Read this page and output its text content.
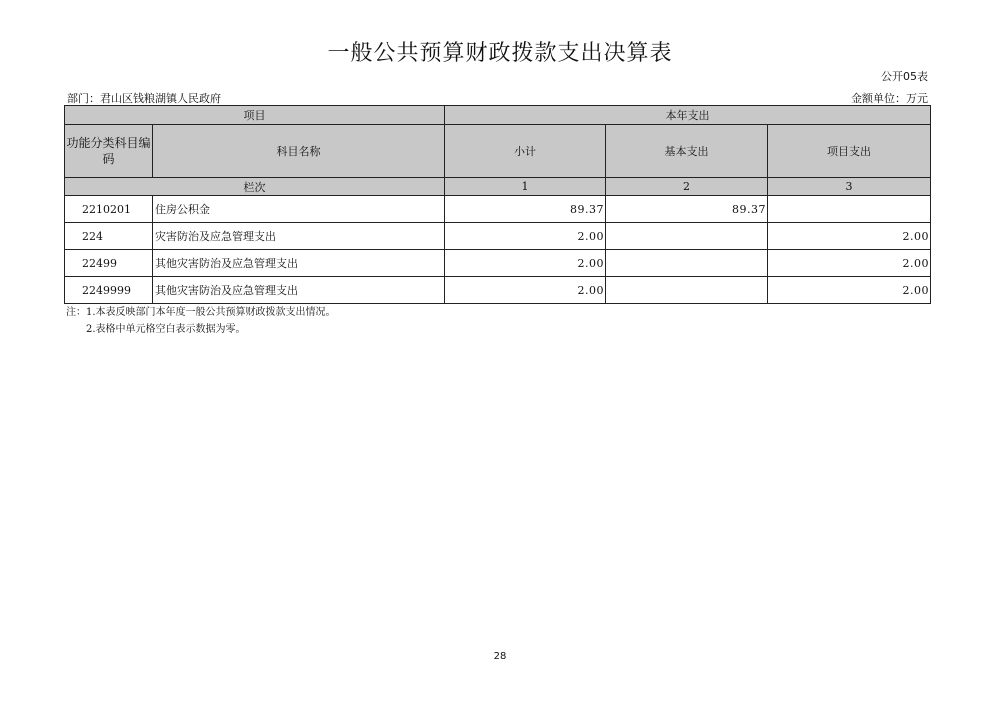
一般公共预算财政拨款支出决算表
公开05表
部门：君山区钱粮湖镇人民政府	金额单位：万元
项目		本年支出		
功能分类科目编码	科目名称	小计	基本支出	项目支出
栏次		1	2	3
2210201	住房公积金	89.37	89.37	
224	灾害防治及应急管理支出	2.00		2.00
22499	其他灾害防治及应急管理支出	2.00		2.00
2249999	其他灾害防治及应急管理支出	2.00		2.00
注：1.本表反映部门本年度一般公共预算财政拨款支出情况。
2.表格中单元格空白表示数据为零。
28
